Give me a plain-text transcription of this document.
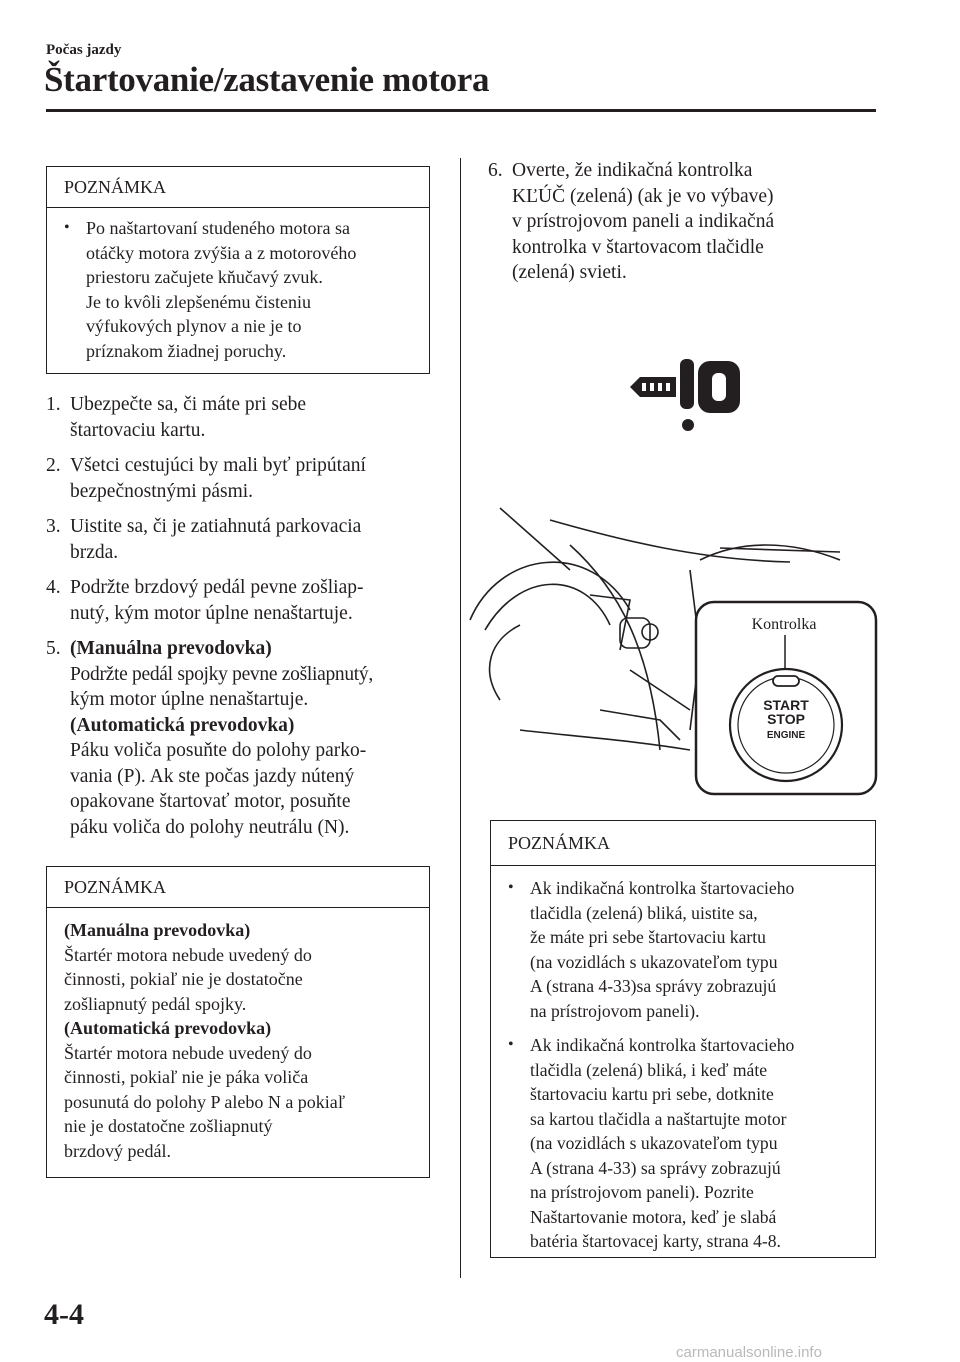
Počas jazdy
Štartovanie/zastavenie motora
POZNÁMKA
• Po naštartovaní studeného motora sa
otáčky motora zvýšia a z motorového
priestoru začujete kňučavý zvuk.
Je to kvôli zlepšenému čisteniu
výfukových plynov a nie je to
príznakom žiadnej poruchy.
1. Ubezpečte sa, či máte pri sebe
štartovaciu kartu.
2. Všetci cestujúci by mali byť pripútaní
bezpečnostnými pásmi.
3. Uistite sa, či je zatiahnutá parkovacia
brzda.
4. Podržte brzdový pedál pevne zošliap-
nutý, kým motor úplne nenaštartuje.
5. (Manuálna prevodovka)
Podržte pedál spojky pevne zošliapnutý,
kým motor úplne nenaštartuje.
(Automatická prevodovka)
Páku voliča posuňte do polohy parko-
vania (P). Ak ste počas jazdy nútený
opakovane štartovať motor, posuňte
páku voliča do polohy neutrálu (N).
POZNÁMKA
(Manuálna prevodovka)
Štartér motora nebude uvedený do
činnosti, pokiaľ nie je dostatočne
zošliapnutý pedál spojky.
(Automatická prevodovka)
Štartér motora nebude uvedený do
činnosti, pokiaľ nie je páka voliča
posunutá do polohy P alebo N a pokiaľ
nie je dostatočne zošliapnutý
brzdový pedál.
6. Overte, že indikačná kontrolka
KĽÚČ (zelená) (ak je vo výbave)
v prístrojovom paneli a indikačná
kontrolka v štartovacom tlačidle
(zelená) svieti.
Kontrolka
START
STOP
ENGINE
POZNÁMKA
• Ak indikačná kontrolka štartovacieho
tlačidla (zelená) bliká, uistite sa,
že máte pri sebe štartovaciu kartu
(na vozidlách s ukazovateľom typu
A (strana 4-33)sa správy zobrazujú
na prístrojovom paneli).
• Ak indikačná kontrolka štartovacieho
tlačidla (zelená) bliká, i keď máte
štartovaciu kartu pri sebe, dotknite
sa kartou tlačidla a naštartujte motor
(na vozidlách s ukazovateľom typu
A (strana 4-33) sa správy zobrazujú
na prístrojovom paneli). Pozrite
Naštartovanie motora, keď je slabá
batéria štartovacej karty, strana 4-8.
4-4
carmanualsonline.info
